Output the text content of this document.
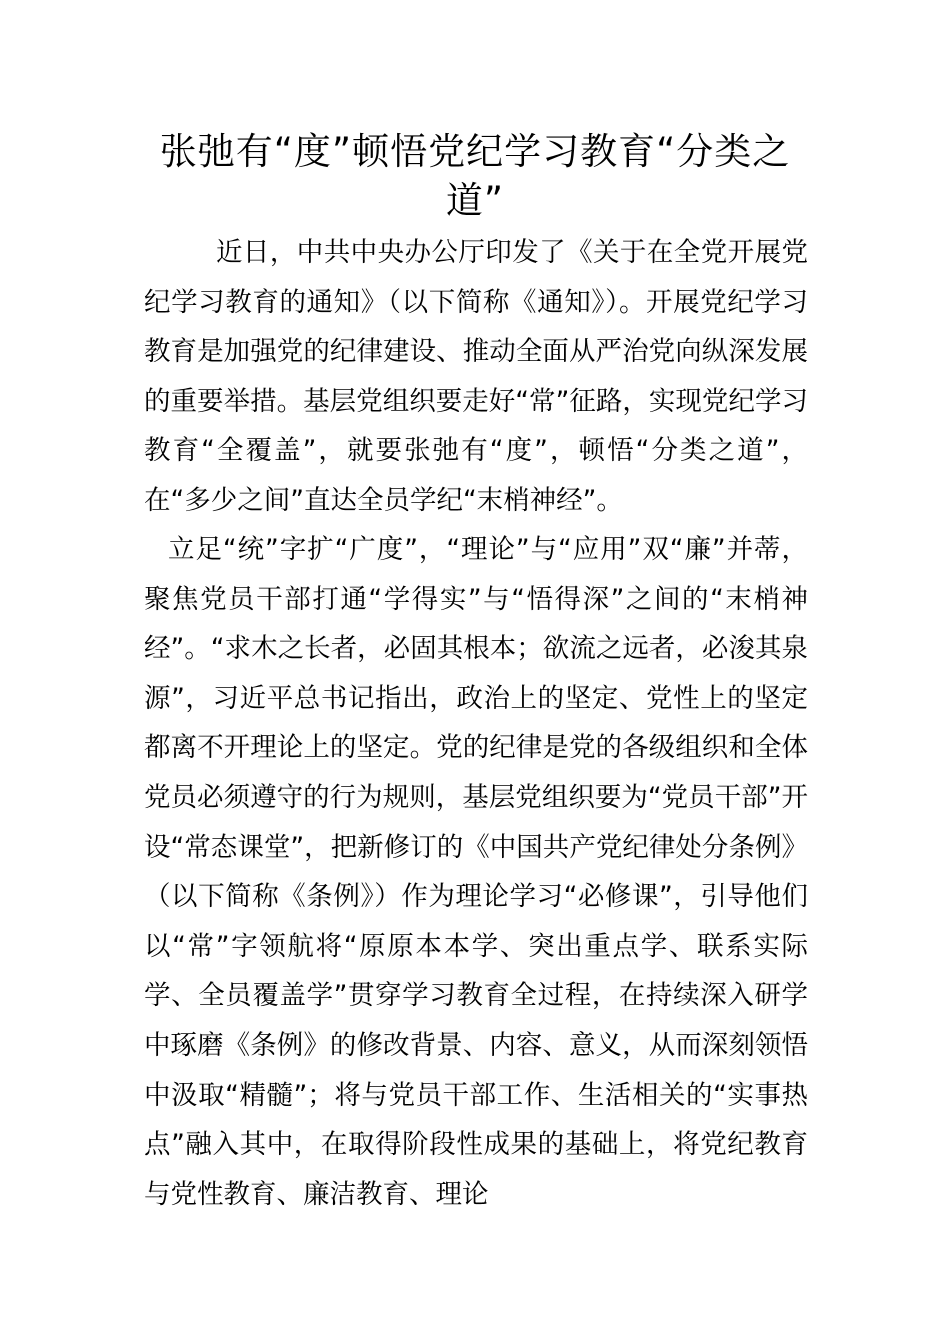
张弛有“度”顿悟党纪学习教育“分类之道”

近日，中共中央办公厅印发了《关于在全党开展党纪学习教育的通知》（以下简称《通知》）。开展党纪学习教育是加强党的纪律建设、推动全面从严治党向纵深发展的重要举措。基层党组织要走好“常”征路，实现党纪学习教育“全覆盖”，就要张弛有“度”，顿悟“分类之道”，在“多少之间”直达全员学纪“末梢神经”。

立足“统”字扩“广度”，“理论”与“应用”双“廉”并蒂，聚焦党员干部打通“学得实”与“悟得深”之间的“末梢神经”。“求木之长者，必固其根本；欲流之远者，必浚其泉源”，习近平总书记指出，政治上的坚定、党性上的坚定都离不开理论上的坚定。党的纪律是党的各级组织和全体党员必须遵守的行为规则，基层党组织要为“党员干部”开设“常态课堂”，把新修订的《中国共产党纪律处分条例》（以下简称《条例》）作为理论学习“必修课”，引导他们以“常”字领航将“原原本本学、突出重点学、联系实际学、全员覆盖学”贯穿学习教育全过程，在持续深入研学中琢磨《条例》的修改背景、内容、意义，从而深刻领悟中汲取“精髓”；将与党员干部工作、生活相关的“实事热点”融入其中，在取得阶段性成果的基础上，将党纪教育与党性教育、廉洁教育、理论
